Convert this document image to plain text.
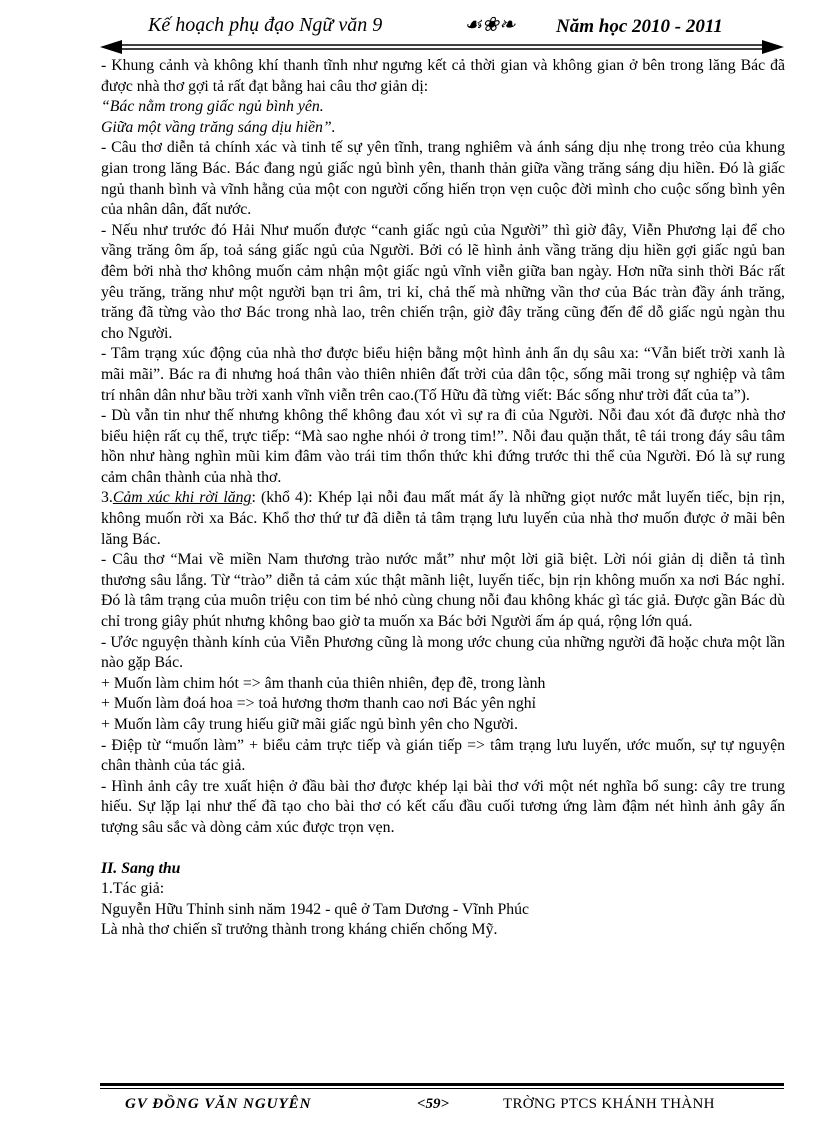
Kế hoạch phụ đạo Ngữ văn 9	☙❀❧ Năm học 2010 - 2011

- Khung cảnh và không khí thanh tĩnh như ngưng kết cả thời gian và không gian ở bên trong lăng Bác đã được nhà thơ gợi tả rất đạt bằng hai câu thơ giản dị:

“Bác nằm trong giấc ngủ bình yên.

Giữa một vầng trăng sáng dịu hiền”.

- Câu thơ diễn tả chính xác và tinh tế sự yên tĩnh, trang nghiêm và ánh sáng dịu nhẹ trong trẻo của khung gian trong lăng Bác. Bác đang ngủ giấc ngủ bình yên, thanh thản giữa vầng trăng sáng dịu hiền. Đó là giấc ngủ thanh bình và vĩnh hằng của một con người cống hiến trọn vẹn cuộc đời mình cho cuộc sống bình yên của nhân dân, đất nước.

- Nếu như trước đó Hải Như muốn được “canh giấc ngủ của Người” thì giờ đây, Viễn Phương lại để cho vầng trăng ôm ấp, toả sáng giấc ngủ của Người. Bởi có lẽ hình ảnh vầng trăng dịu hiền gợi giấc ngủ ban đêm bởi nhà thơ không muốn cảm nhận một giấc ngủ vĩnh viễn giữa ban ngày. Hơn nữa sinh thời Bác rất yêu trăng, trăng như một người bạn tri âm, tri kỉ, chả thế mà những vần thơ của Bác tràn đầy ánh trăng, trăng đã từng vào thơ Bác trong nhà lao, trên chiến trận, giờ đây trăng cũng đến để dỗ giấc ngủ ngàn thu cho Người.

- Tâm trạng xúc động của nhà thơ được biểu hiện bằng một hình ảnh ẩn dụ sâu xa: “Vẫn biết trời xanh là mãi mãi”. Bác ra đi nhưng hoá thân vào thiên nhiên đất trời của dân tộc, sống mãi trong sự nghiệp và tâm trí nhân dân như bầu trời xanh vĩnh viễn trên cao.(Tố Hữu đã từng viết: Bác sống như trời đất của ta”).

- Dù vẫn tin như thế nhưng không thể không đau xót vì sự ra đi của Người. Nỗi đau xót đã được nhà thơ biểu hiện rất cụ thể, trực tiếp: “Mà sao nghe nhói ở trong tim!”. Nỗi đau quặn thắt, tê tái trong đáy sâu tâm hồn như hàng nghìn mũi kim đâm vào trái tim thổn thức khi đứng trước thi thể của Người. Đó là sự rung cảm chân thành của nhà thơ.

3.Cảm xúc khi rời lăng: (khổ 4): Khép lại nỗi đau mất mát ấy là những giọt nước mắt luyến tiếc, bịn rịn, không muốn rời xa Bác. Khổ thơ thứ tư đã diễn tả tâm trạng lưu luyến của nhà thơ muốn được ở mãi bên lăng Bác.

- Câu thơ “Mai về miền Nam thương trào nước mắt” như một lời giã biệt. Lời nói giản dị diễn tả tình thương sâu lắng. Từ “trào” diễn tả cảm xúc thật mãnh liệt, luyến tiếc, bịn rịn không muốn xa nơi Bác nghỉ. Đó là tâm trạng của muôn triệu con tim bé nhỏ cùng chung nỗi đau không khác gì tác giả. Được gần Bác dù chỉ trong giây phút nhưng không bao giờ ta muốn xa Bác bởi Người ấm áp quá, rộng lớn quá.

- Ước nguyện thành kính của Viễn Phương cũng là mong ước chung của những người đã hoặc chưa một lần nào gặp Bác.

+ Muốn làm chim hót => âm thanh của thiên nhiên, đẹp đẽ, trong lành

+ Muốn làm đoá hoa => toả hương thơm thanh cao nơi Bác yên nghỉ

+ Muốn làm cây trung hiếu giữ mãi giấc ngủ bình yên cho Người.

- Điệp từ “muốn làm” + biểu cảm trực tiếp và gián tiếp => tâm trạng lưu luyến, ước muốn, sự tự nguyện chân thành của tác giả.

- Hình ảnh cây tre xuất hiện ở đầu bài thơ được khép lại bài thơ với một nét nghĩa bổ sung: cây tre trung hiếu. Sự lặp lại như thế đã tạo cho bài thơ có kết cấu đầu cuối tương ứng làm đậm nét hình ảnh gây ấn tượng sâu sắc và dòng cảm xúc được trọn vẹn.

II. Sang thu

1.Tác giả:

Nguyễn Hữu Thỉnh sinh năm 1942 - quê ở Tam Dương - Vĩnh Phúc

Là nhà thơ chiến sĩ trưởng thành trong kháng chiến chống Mỹ.

GV ĐỒNG VĂN NGUYÊN	<59>	TRỜNG PTCS KHÁNH THÀNH
